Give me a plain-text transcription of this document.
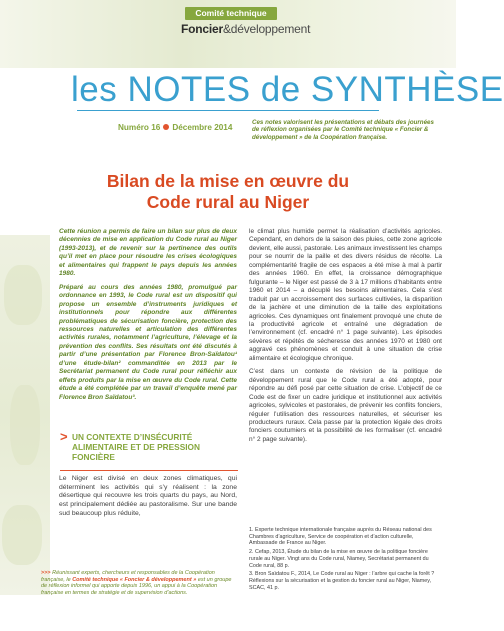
Comité technique
Foncier&développement
les NOTES de SYNTHÈSE
Numéro 16 Décembre 2014
Ces notes valorisent les présentations et débats des journées de réflexion organisées par le Comité technique « Foncier & développement » de la Coopération française.
Bilan de la mise en œuvre du Code rural au Niger

Cette réunion a permis de faire un bilan sur plus de deux décennies de mise en application du Code rural au Niger (1993-2013), et de revenir sur la pertinence des outils qu’il met en place pour résoudre les crises écologiques et alimentaires qui frappent le pays depuis les années 1980.

Préparé au cours des années 1980, promulgué par ordonnance en 1993, le Code rural est un dispositif qui propose un ensemble d’instruments juridiques et institutionnels pour répondre aux différentes problématiques de sécurisation foncière, protection des ressources naturelles et articulation des différentes activités rurales, notamment l’agriculture, l’élevage et la prévention des conflits. Ses résultats ont été discutés à partir d’une présentation par Florence Bron-Saïdatou¹ d’une étude-bilan² commanditée en 2013 par le Secrétariat permanent du Code rural pour réfléchir aux effets produits par la mise en œuvre du Code rural. Cette étude a été complétée par un travail d’enquête mené par Florence Bron Saïdatou³.

> UN CONTEXTE D’INSÉCURITÉ ALIMENTAIRE ET DE PRESSION FONCIÈRE

Le Niger est divisé en deux zones climatiques, qui déterminent les activités qui s’y réalisent : la zone désertique qui recouvre les trois quarts du pays, au Nord, est principalement dédiée au pastoralisme. Sur une bande sud beaucoup plus réduite,

le climat plus humide permet la réalisation d’activités agricoles. Cependant, en dehors de la saison des pluies, cette zone agricole devient, elle aussi, pastorale. Les animaux investissent les champs pour se nourrir de la paille et des divers résidus de récolte. La complémentarité fragile de ces espaces a été mise à mal à partir des années 1960. En effet, la croissance démographique fulgurante – le Niger est passé de 3 à 17 millions d’habitants entre 1960 et 2014 – a décuplé les besoins alimentaires. Cela s’est traduit par un accroissement des surfaces cultivées, la disparition de la jachère et une diminution de la taille des exploitations agricoles. Ces dynamiques ont finalement provoqué une chute de la productivité agricole et entraîné une dégradation de l’environnement (cf. encadré n° 1 page suivante). Les épisodes sévères et répétés de sécheresse des années 1970 et 1980 ont aggravé ces phénomènes et conduit à une situation de crise alimentaire et écologique chronique.

C’est dans un contexte de révision de la politique de développement rural que le Code rural a été adopté, pour répondre au défi posé par cette situation de crise. L’objectif de ce Code est de fixer un cadre juridique et institutionnel aux activités agricoles, sylvicoles et pastorales, de prévenir les conflits fonciers, réguler l’utilisation des ressources naturelles, et sécuriser les producteurs ruraux. Cela passe par la protection légale des droits fonciers coutumiers et la possibilité de les formaliser (cf. encadré n° 2 page suivante).

1. Experte technique internationale française auprès du Réseau national des Chambres d’agriculture, Service de coopération et d’action culturelle, Ambassade de France au Niger.

2. Cefap, 2013, Étude du bilan de la mise en œuvre de la politique foncière rurale au Niger. Vingt ans du Code rural, Niamey, Secrétariat permanent du Code rural, 88 p.

3. Bron Saïdatou F., 2014, Le Code rural au Niger : l’arbre qui cache la forêt ? Réflexions sur la sécurisation et la gestion du foncier rural au Niger, Niamey, SCAC, 41 p.

>>> Réunissant experts, chercheurs et responsables de la Coopération française, le Comité technique « Foncier & développement » est un groupe de réflexion informel qui apporte depuis 1996, un appui à la Coopération française en termes de stratégie et de supervision d’actions.
